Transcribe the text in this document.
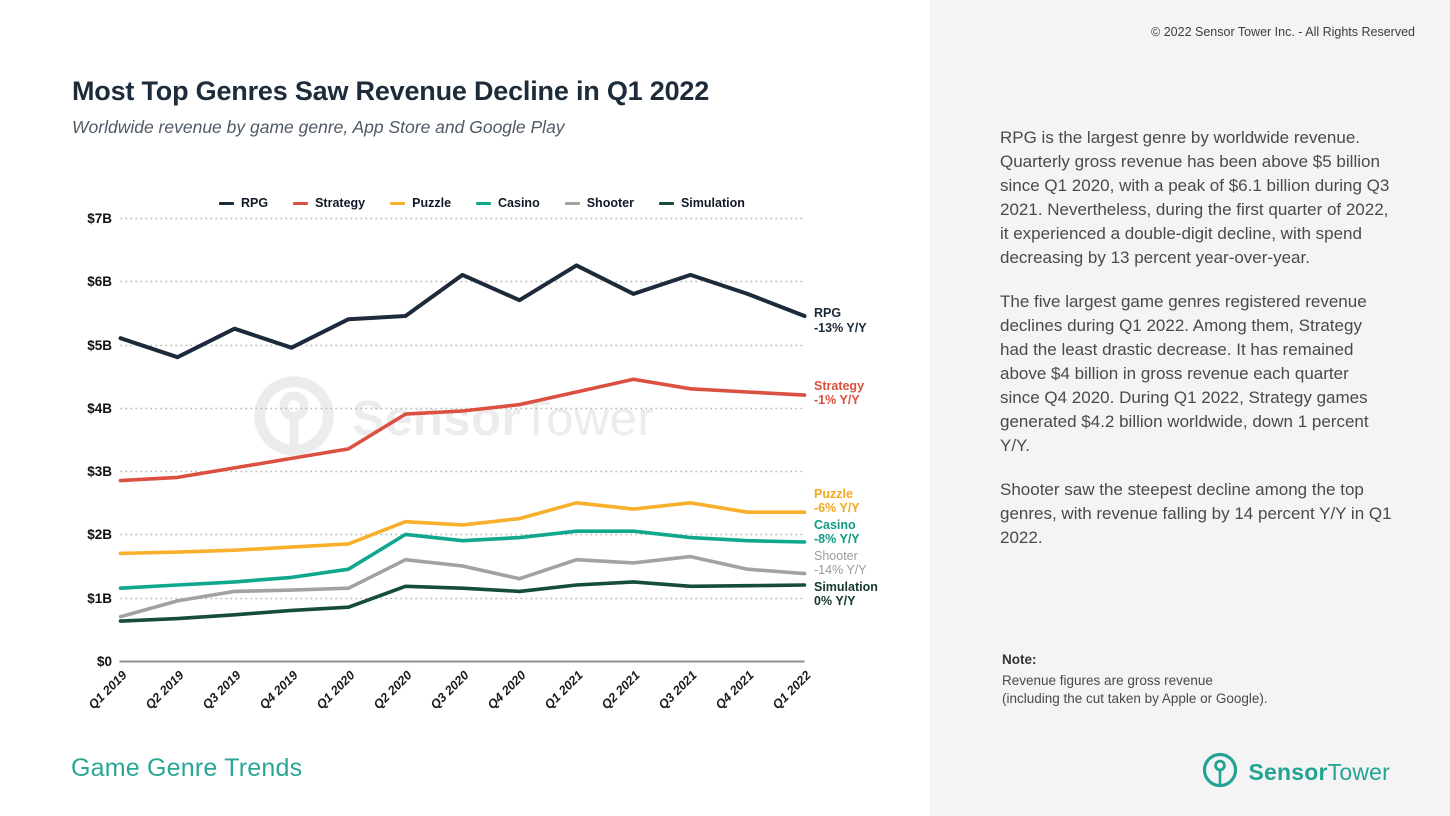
Most Top Genres Saw Revenue Decline in Q1 2022
Worldwide revenue by game genre, App Store and Google Play
SensorTower
$0
$1B
$2B
$3B
$4B
$5B
$6B
$7B
Q1 2019 Q2 2019 Q3 2019 Q4 2019 Q1 2020 Q2 2020 Q3 2020 Q4 2020 Q1 2021 Q2 2021 Q3 2021 Q4 2021 Q1 2022
RPG
-13% Y/Y
Strategy
-1% Y/Y
Puzzle
-6% Y/Y
Casino
-8% Y/Y
Shooter
-14% Y/Y
Simulation
0% Y/Y
RPG	Strategy	Puzzle	Casino	Shooter	Simulation
Game Genre Trends
© 2022 Sensor Tower Inc. - All Rights Reserved

RPG is the largest genre by worldwide revenue. Quarterly gross revenue has been above $5 billion since Q1 2020, with a peak of $6.1 billion during Q3 2021. Nevertheless, during the first quarter of 2022, it experienced a double-digit decline, with spend decreasing by 13 percent year-over-year.

The five largest game genres registered revenue declines during Q1 2022. Among them, Strategy had the least drastic decrease. It has remained above $4 billion in gross revenue each quarter since Q4 2020. During Q1 2022, Strategy games generated $4.2 billion worldwide, down 1 percent Y/Y.

Shooter saw the steepest decline among the top genres, with revenue falling by 14 percent Y/Y in Q1 2022.

Note:
Revenue figures are gross revenue
(including the cut taken by Apple or Google).
SensorTower
